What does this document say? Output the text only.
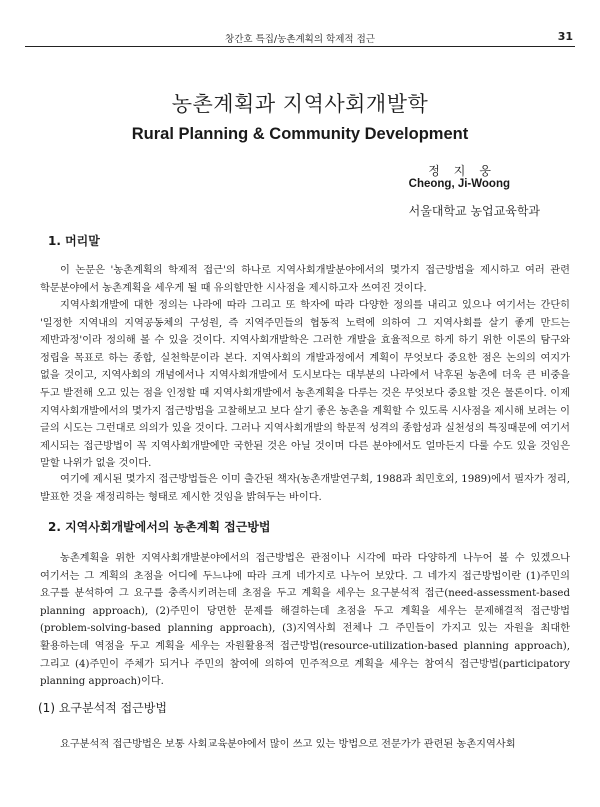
창간호 특집/농촌계획의 학제적 접근	31
농촌계획과 지역사회개발학
Rural Planning & Community Development
정지웅
Cheong, Ji-Woong
서울대학교 농업교육학과
1. 머리말

이 논문은 '농촌계획의 학제적 접근'의 하나로 지역사회개발분야에서의 몇가지 접근방법을 제시하고 여러 관련 학문분야에서 농촌계획을 세우게 될 때 유의할만한 시사점을 제시하고자 쓰여진 것이다.

지역사회개발에 대한 정의는 나라에 따라 그리고 또 학자에 따라 다양한 정의를 내리고 있으나 여기서는 간단히 '일정한 지역내의 지역공동체의 구성원, 즉 지역주민들의 협동적 노력에 의하여 그 지역사회를 살기 좋게 만드는 제반과정'이라 정의해 볼 수 있을 것이다. 지역사회개발학은 그러한 개발을 효율적으로 하게 하기 위한 이론의 탐구와 정립을 목표로 하는 종합, 실천학문이라 본다. 지역사회의 개발과정에서 계획이 무엇보다 중요한 점은 논의의 여지가 없을 것이고, 지역사회의 개념에서나 지역사회개발에서 도시보다는 대부분의 나라에서 낙후된 농촌에 더욱 큰 비중을 두고 발전해 오고 있는 점을 인정할 때 지역사회개발에서 농촌계획을 다루는 것은 무엇보다 중요할 것은 물론이다. 이제 지역사회개발에서의 몇가지 접근방법을 고찰해보고 보다 살기 좋은 농촌을 계획할 수 있도록 시사점을 제시해 보려는 이 글의 시도는 그런대로 의의가 있을 것이다. 그러나 지역사회개발의 학문적 성격의 종합성과 실천성의 특징때문에 여기서 제시되는 접근방법이 꼭 지역사회개발에만 국한된 것은 아닐 것이며 다른 분야에서도 얼마든지 다룰 수도 있을 것임은 말할 나위가 없을 것이다.

여기에 제시된 몇가지 접근방법들은 이미 출간된 책자(농촌개발연구회, 1988과 최민호외, 1989)에서 필자가 정리, 발표한 것을 재정리하는 형태로 제시한 것임을 밝혀두는 바이다.

2. 지역사회개발에서의 농촌계획 접근방법

농촌계획을 위한 지역사회개발분야에서의 접근방법은 관점이나 시각에 따라 다양하게 나누어 볼 수 있겠으나 여기서는 그 계획의 초점을 어디에 두느냐에 따라 크게 네가지로 나누어 보았다. 그 네가지 접근방법이란 (1)주민의 요구를 분석하여 그 요구를 충족시키려는데 초점을 두고 계획을 세우는 요구분석적 접근(need-assessment-based planning approach), (2)주민이 당면한 문제를 해결하는데 초점을 두고 계획을 세우는 문제해결적 접근방법(problem-solving-based planning approach), (3)지역사회 전체나 그 주민들이 가지고 있는 자원을 최대한 활용하는데 역점을 두고 계획을 세우는 자원활용적 접근방법(resource-utilization-based planning approach), 그리고 (4)주민이 주체가 되거나 주민의 참여에 의하여 민주적으로 계획을 세우는 참여식 접근방법(participatory planning approach)이다.

(1) 요구분석적 접근방법

요구분석적 접근방법은 보통 사회교육분야에서 많이 쓰고 있는 방법으로 전문가가 관련된 농촌지역사회
